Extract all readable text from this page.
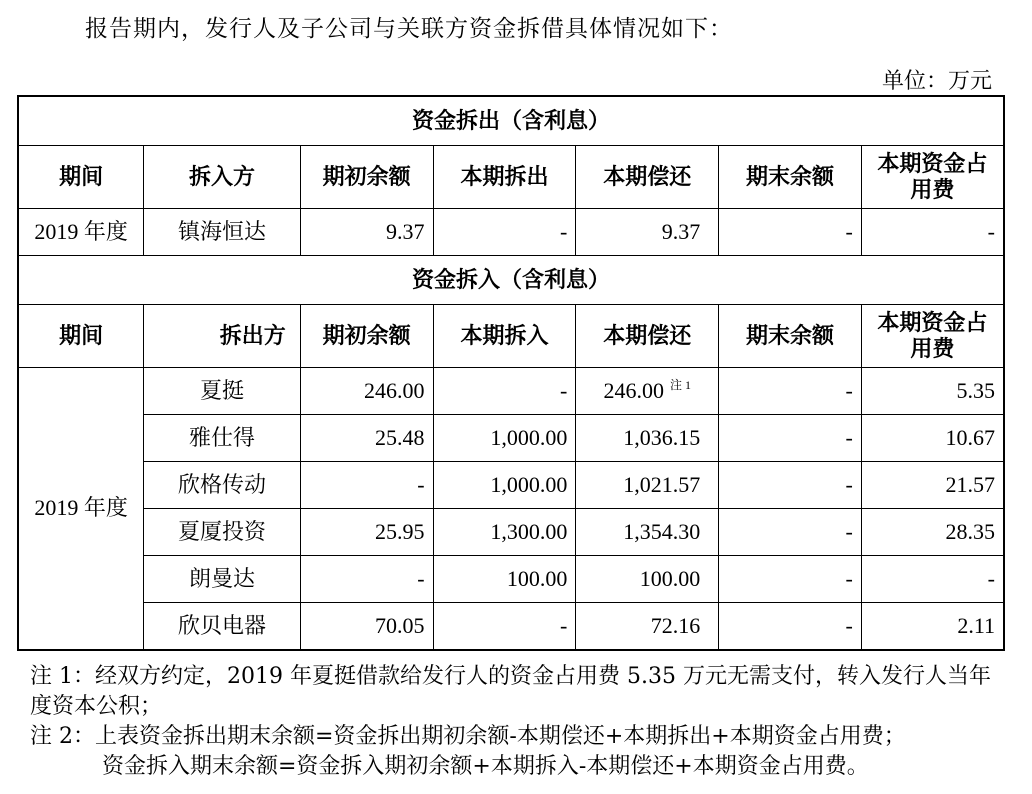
报告期内，发行人及子公司与关联方资金拆借具体情况如下：
单位：万元
资金拆出（含利息）						
期间	拆入方	期初余额	本期拆出	本期偿还	期末余额	本期资金占用费
2019 年度	镇海恒达	9.37	-	9.37	-	-
资金拆入（含利息）						
期间	拆出方	期初余额	本期拆入	本期偿还	期末余额	本期资金占用费
2019 年度	夏挺	246.00	-	246.00 $^{注 1}$	-	5.35
	雅仕得	25.48	1,000.00	1,036.15	-	10.67
	欣格传动	-	1,000.00	1,021.57	-	21.57
	夏厦投资	25.95	1,300.00	1,354.30	-	28.35
	朗曼达	-	100.00	100.00	-	-
	欣贝电器	70.05	-	72.16	-	2.11

注 1：经双方约定，2019 年夏挺借款给发行人的资金占用费 5.35 万元无需支付，转入发行人当年度资本公积；

注 2：上表资金拆出期末余额=资金拆出期初余额-本期偿还+本期拆出+本期资金占用费；

资金拆入期末余额=资金拆入期初余额+本期拆入-本期偿还+本期资金占用费。
